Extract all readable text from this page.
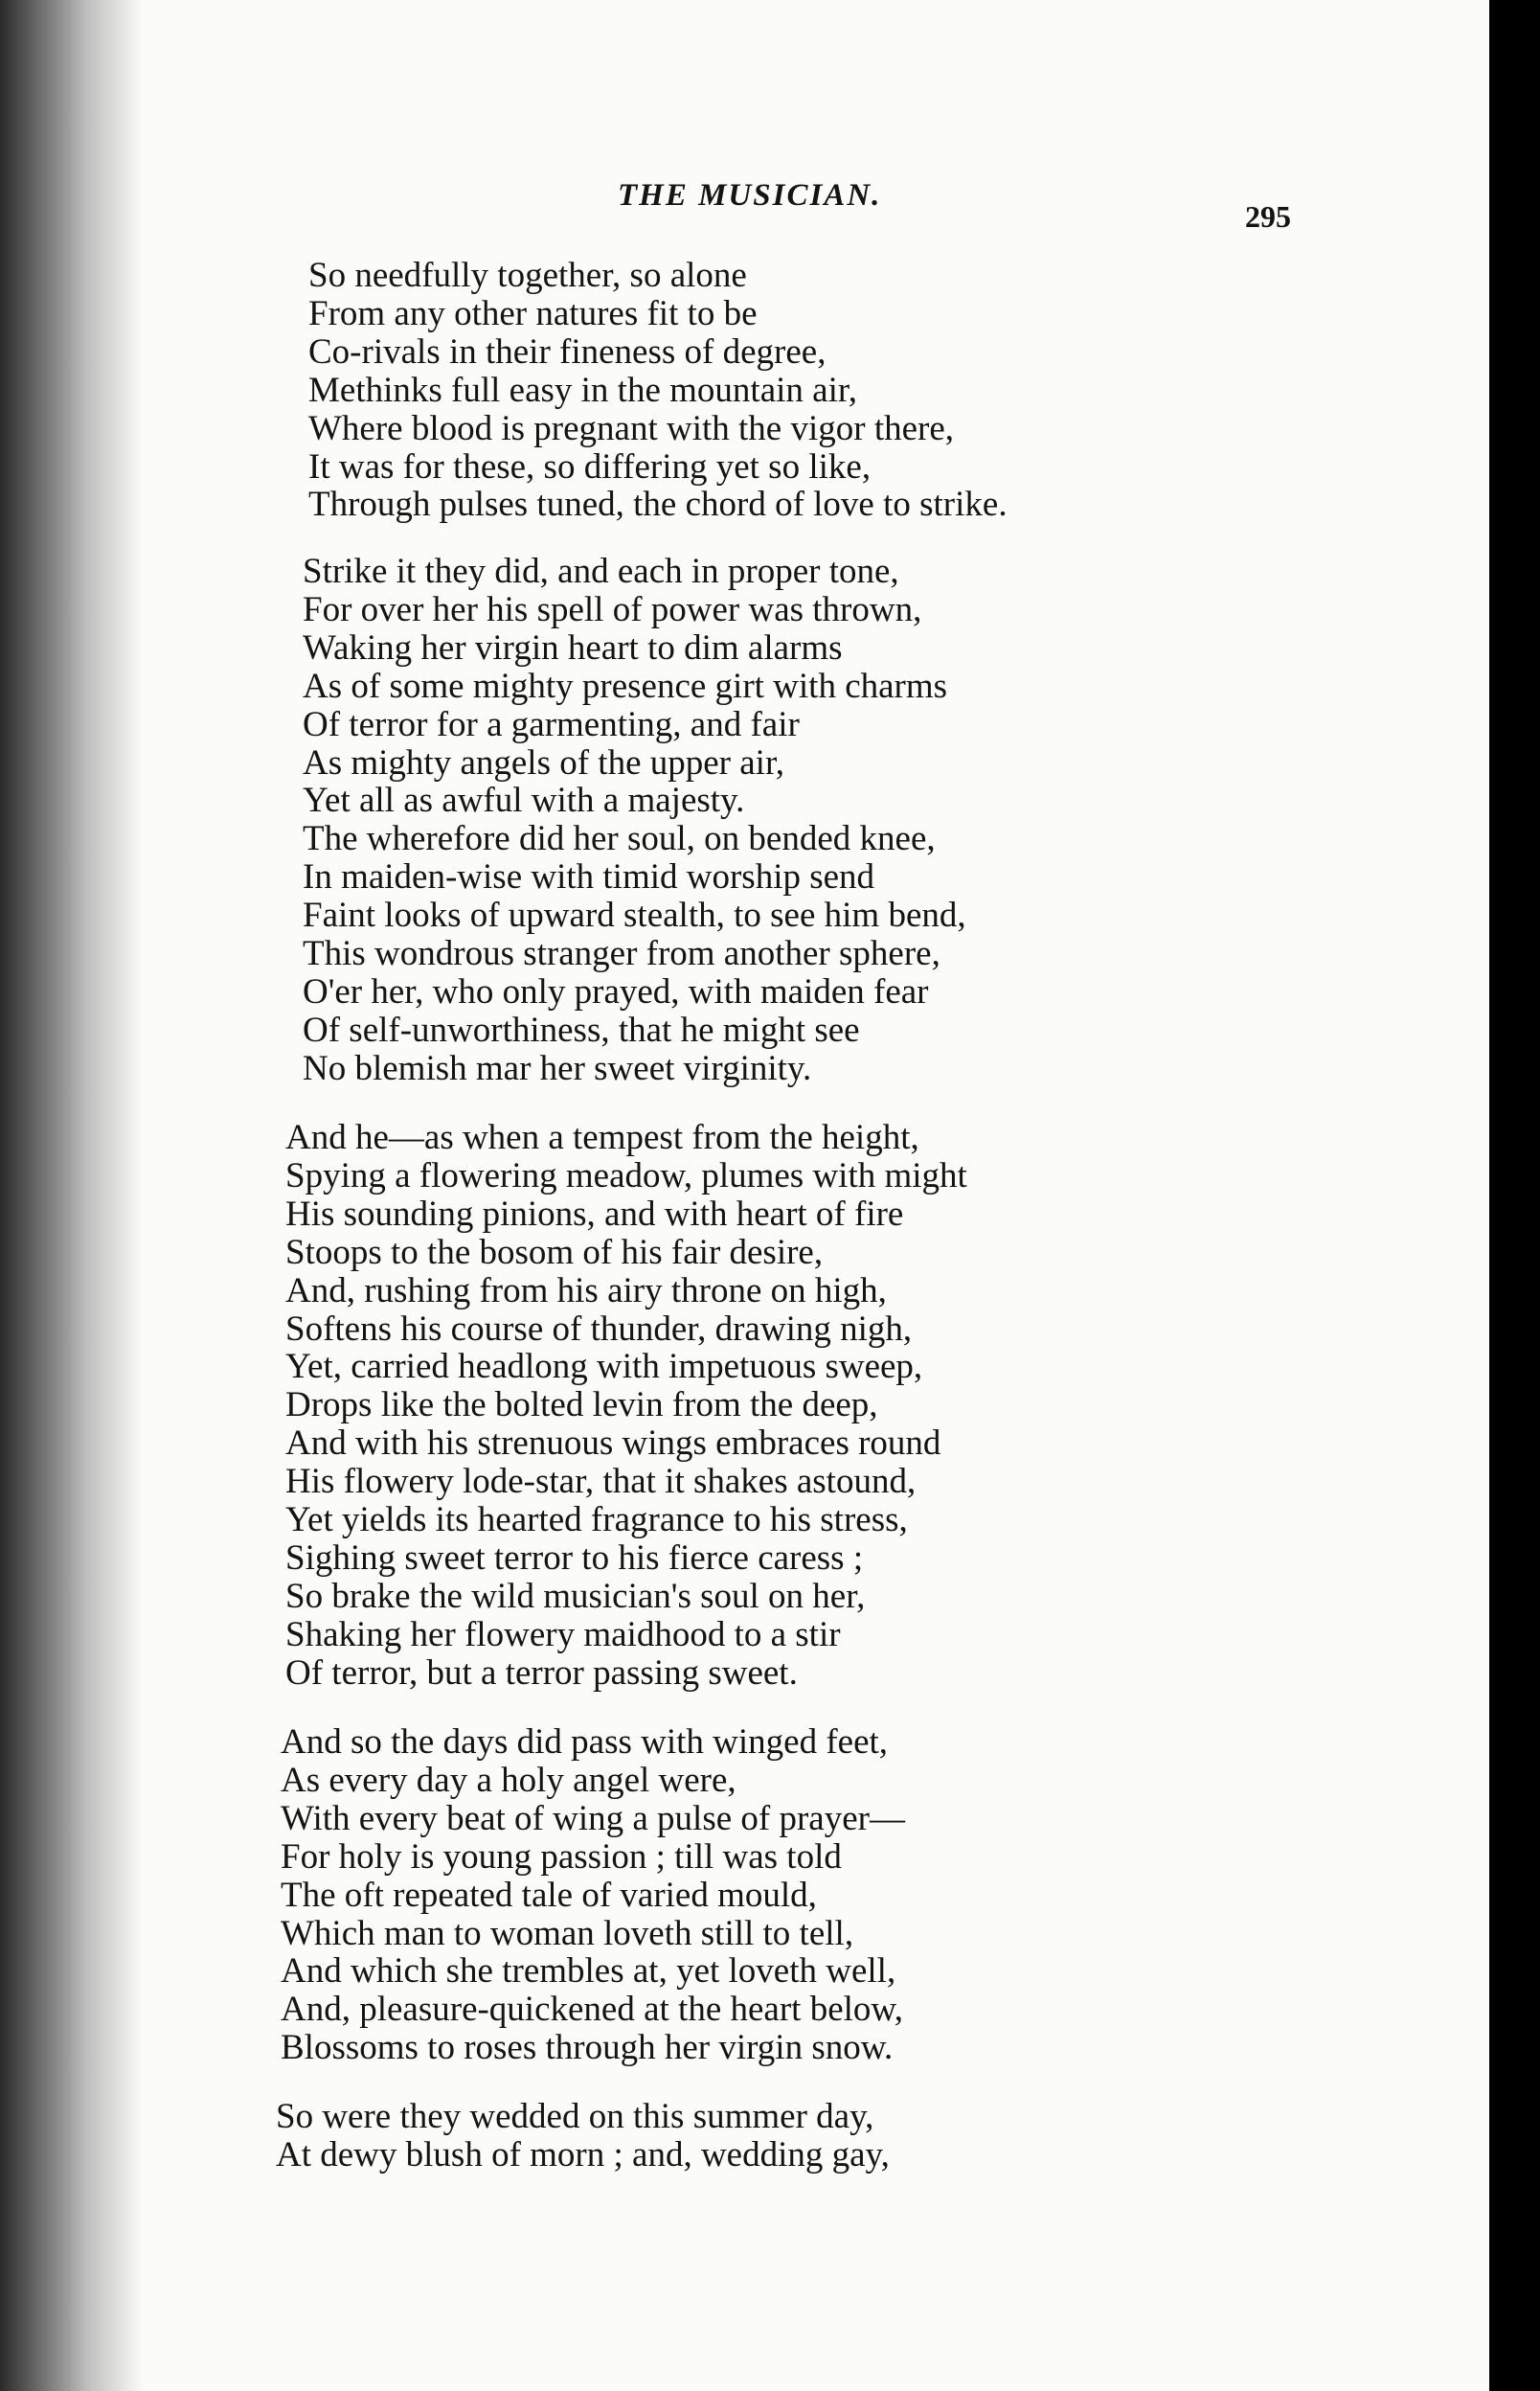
THE MUSICIAN.
295
So needfully together, so alone
From any other natures fit to be
Co-rivals in their fineness of degree,
Methinks full easy in the mountain air,
Where blood is pregnant with the vigor there,
It was for these, so differing yet so like,
Through pulses tuned, the chord of love to strike.
Strike it they did, and each in proper tone,
For over her his spell of power was thrown,
Waking her virgin heart to dim alarms
As of some mighty presence girt with charms
Of terror for a garmenting, and fair
As mighty angels of the upper air,
Yet all as awful with a majesty.
The wherefore did her soul, on bended knee,
In maiden-wise with timid worship send
Faint looks of upward stealth, to see him bend,
This wondrous stranger from another sphere,
O'er her, who only prayed, with maiden fear
Of self-unworthiness, that he might see
No blemish mar her sweet virginity.
And he—as when a tempest from the height,
Spying a flowering meadow, plumes with might
His sounding pinions, and with heart of fire
Stoops to the bosom of his fair desire,
And, rushing from his airy throne on high,
Softens his course of thunder, drawing nigh,
Yet, carried headlong with impetuous sweep,
Drops like the bolted levin from the deep,
And with his strenuous wings embraces round
His flowery lode-star, that it shakes astound,
Yet yields its hearted fragrance to his stress,
Sighing sweet terror to his fierce caress ;
So brake the wild musician's soul on her,
Shaking her flowery maidhood to a stir
Of terror, but a terror passing sweet.
And so the days did pass with winged feet,
As every day a holy angel were,
With every beat of wing a pulse of prayer—
For holy is young passion ; till was told
The oft repeated tale of varied mould,
Which man to woman loveth still to tell,
And which she trembles at, yet loveth well,
And, pleasure-quickened at the heart below,
Blossoms to roses through her virgin snow.
So were they wedded on this summer day,
At dewy blush of morn ; and, wedding gay,
